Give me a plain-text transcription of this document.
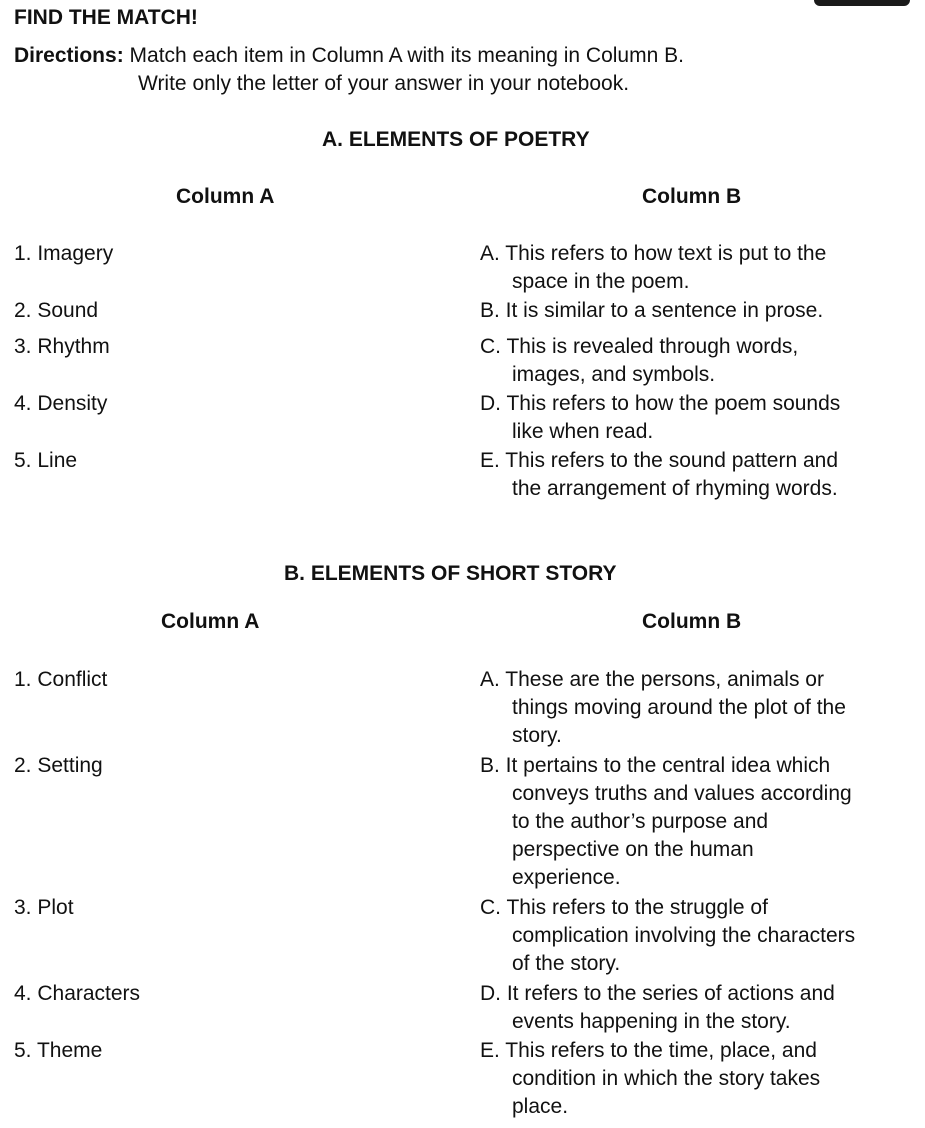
FIND THE MATCH!
Directions: Match each item in Column A with its meaning in Column B.
Write only the letter of your answer in your notebook.
A. ELEMENTS OF POETRY
Column A	Column B
1. Imagery
2. Sound
3. Rhythm
4. Density
5. Line
A. This refers to how text is put to the
space in the poem.
B. It is similar to a sentence in prose.
C. This is revealed through words,
images, and symbols.
D. This refers to how the poem sounds
like when read.
E. This refers to the sound pattern and
the arrangement of rhyming words.
B. ELEMENTS OF SHORT STORY
Column A	Column B
1. Conflict
2. Setting
3. Plot
4. Characters
5. Theme
A. These are the persons, animals or
things moving around the plot of the
story.
B. It pertains to the central idea which
conveys truths and values according
to the author’s purpose and
perspective on the human
experience.
C. This refers to the struggle of
complication involving the characters
of the story.
D. It refers to the series of actions and
events happening in the story.
E. This refers to the time, place, and
condition in which the story takes
place.
